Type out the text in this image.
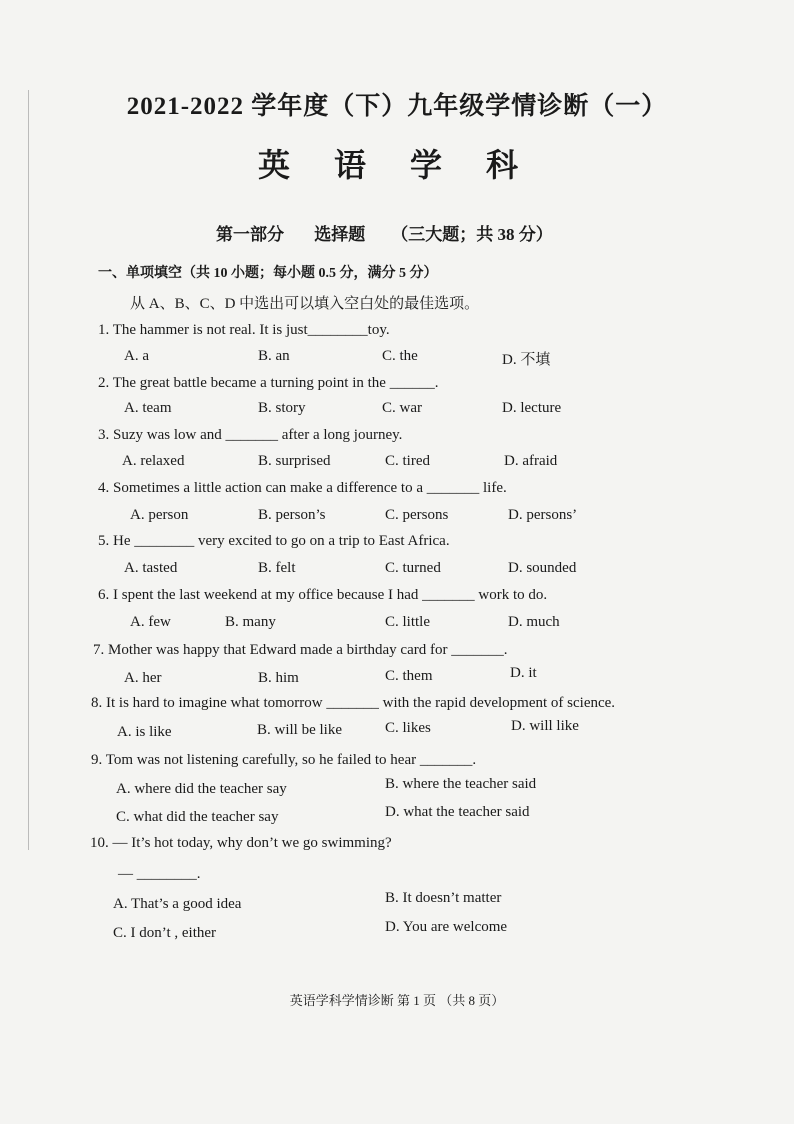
2021-2022 学年度（下）九年级学情诊断（一）
英 语 学 科
第一部分 选择题 （三大题；共 38 分）
一、单项填空（共 10 小题；每小题 0.5 分，满分 5 分）
从 A、B、C、D 中选出可以填入空白处的最佳选项。
1. The hammer is not real. It is just________toy.
A. a	B. an	C. the	D. 不填
2. The great battle became a turning point in the ______.
A. team	B. story	C. war	D. lecture
3. Suzy was low and _______ after a long journey.
A. relaxed	B. surprised	C. tired	D. afraid
4. Sometimes a little action can make a difference to a _______ life.
A. person	B. person’s	C. persons	D. persons’
5. He ________ very excited to go on a trip to East Africa.
A. tasted	B. felt	C. turned	D. sounded
6. I spent the last weekend at my office because I had _______ work to do.
A. few	B. many	C. little	D. much
7. Mother was happy that Edward made a birthday card for _______.
A. her	B. him	C. them	D. it
8. It is hard to imagine what tomorrow _______ with the rapid development of science.
A. is like	B. will be like	C. likes	D. will like
9. Tom was not listening carefully, so he failed to hear _______.
A. where did the teacher say	B. where the teacher said
C. what did the teacher say	D. what the teacher said
10. — It’s hot today, why don’t we go swimming?
— ________.
A. That’s a good idea	B. It doesn’t matter
C. I don’t , either	D. You are welcome
英语学科学情诊断 第 1 页 （共 8 页）
